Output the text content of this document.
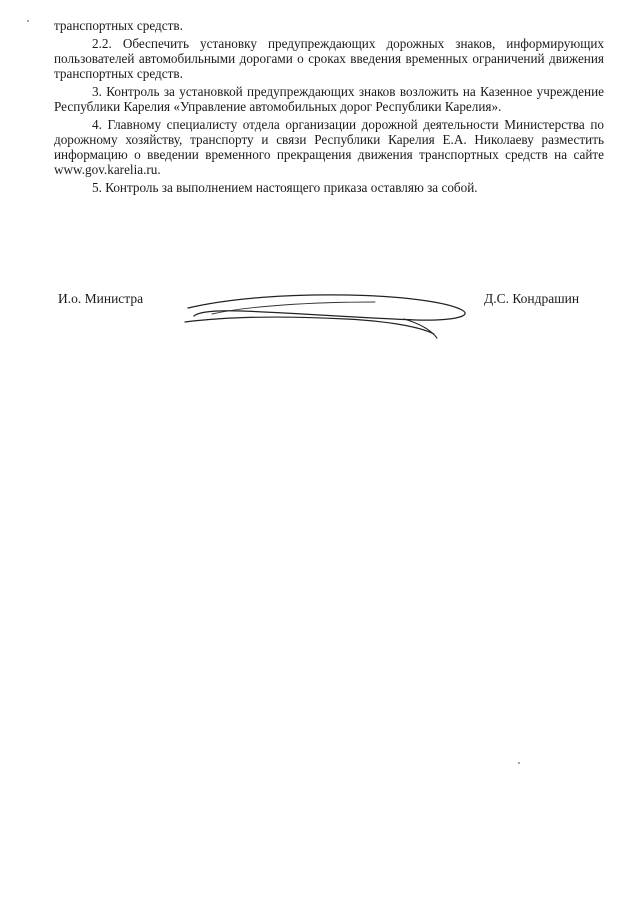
транспортных средств.

2.2. Обеспечить установку предупреждающих дорожных знаков, информирующих пользователей автомобильными дорогами о сроках введения временных ограничений движения транспортных средств.

3. Контроль за установкой предупреждающих знаков возложить на Казенное учреждение Республики Карелия «Управление автомобильных дорог Республики Карелия».

4. Главному специалисту отдела организации дорожной деятельности Министерства по дорожному хозяйству, транспорту и связи Республики Карелия Е.А. Николаеву разместить информацию о введении временного прекращения движения транспортных средств на сайте www.gov.karelia.ru.

5. Контроль за выполнением настоящего приказа оставляю за собой.

И.о. Министра	Д.С. Кондрашин
